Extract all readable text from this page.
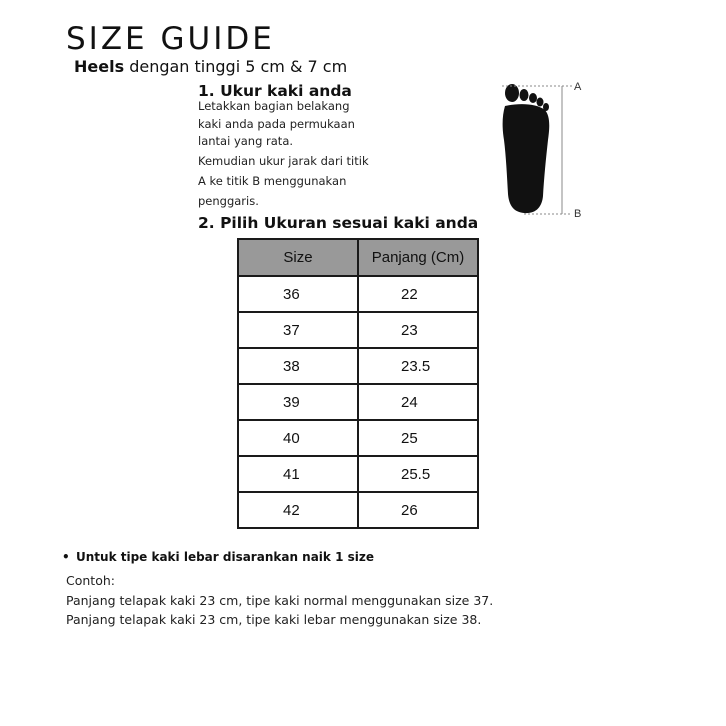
SIZE GUIDE
Heels dengan tinggi 5 cm & 7 cm
1. Ukur kaki anda
Letakkan bagian belakang
kaki anda pada permukaan
lantai yang rata.
Kemudian ukur jarak dari titik
A ke titik B menggunakan
penggaris.
A
B
2. Pilih Ukuran sesuai kaki anda
Size	Panjang (Cm)
36	22
37	23
38	23.5
39	24
40	25
41	25.5
42	26
• Untuk tipe kaki lebar disarankan naik 1 size
Contoh:
Panjang telapak kaki 23 cm, tipe kaki normal menggunakan size 37.
Panjang telapak kaki 23 cm, tipe kaki lebar menggunakan size 38.
